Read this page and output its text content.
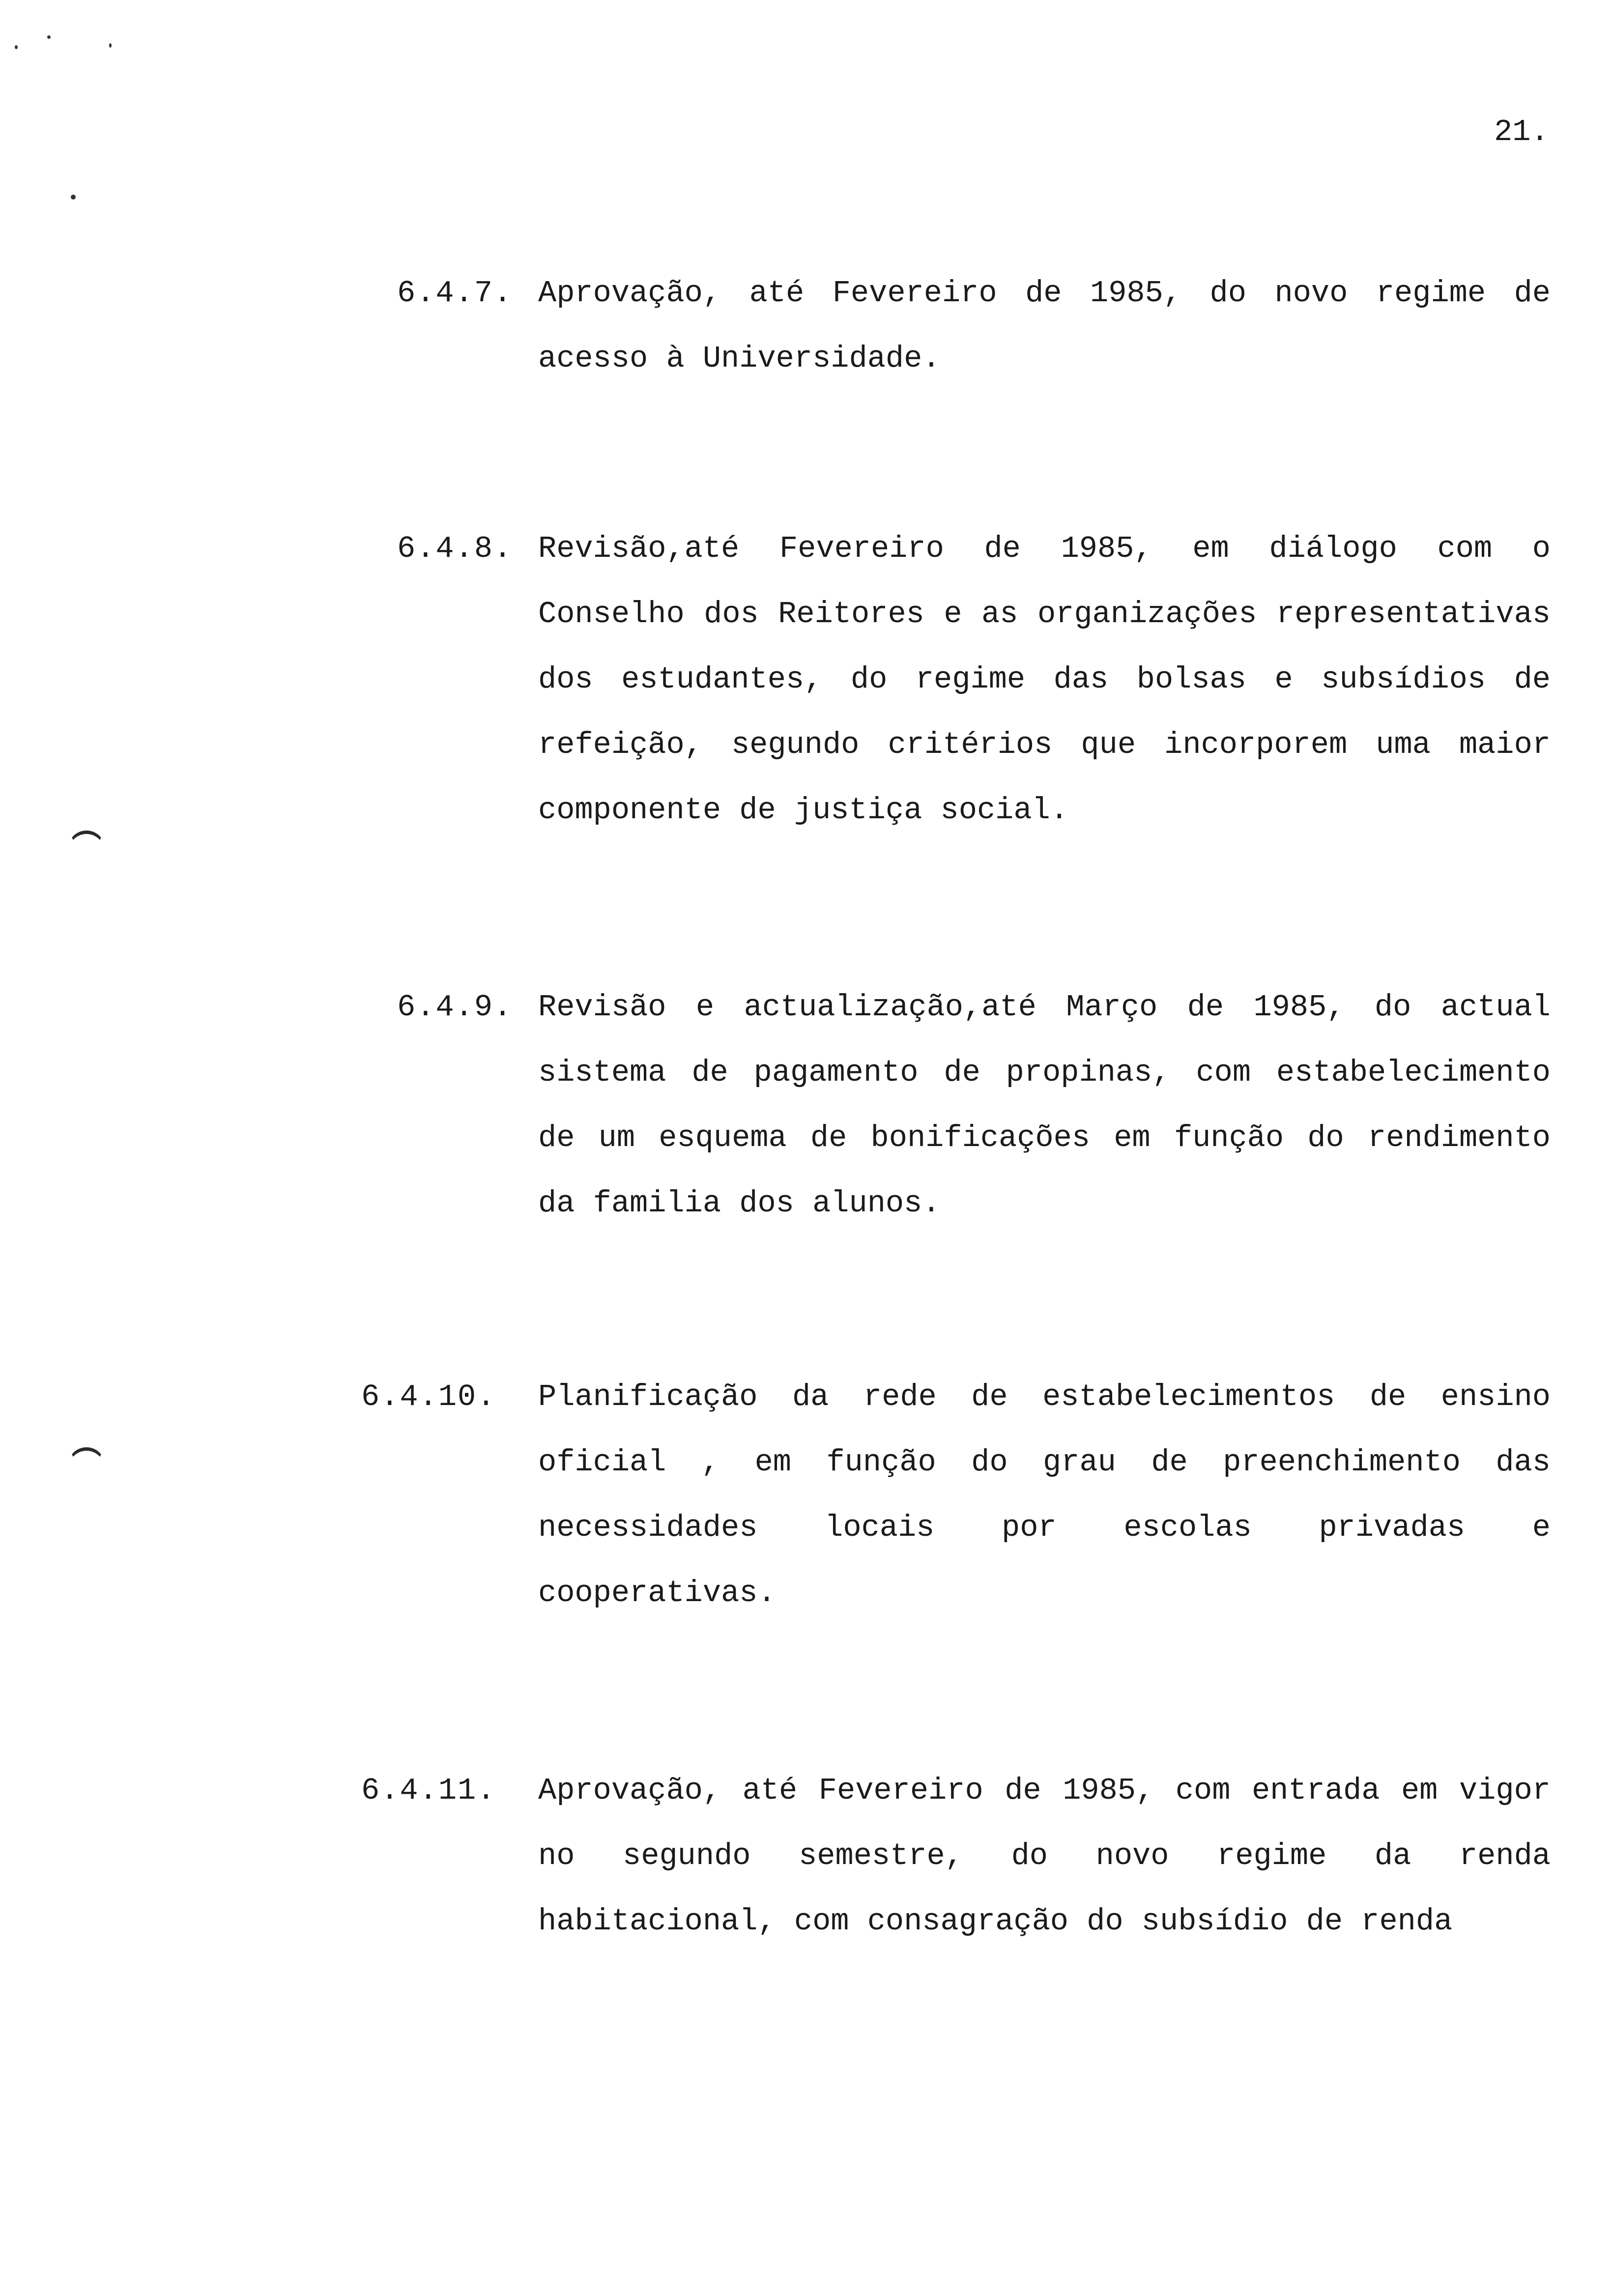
21.
6.4.7. Aprovação, até Fevereiro de 1985, do novo regime de acesso à Universidade.

6.4.8. Revisão,até Fevereiro de 1985, em diálogo com o Conselho dos Reitores e as organizações representativas dos estudantes, do regime das bolsas e subsídios de refeição, segundo critérios que incorporem uma maior componente de justiça social.

6.4.9. Revisão e actualização,até Março de 1985, do actual sistema de pagamento de propinas, com estabelecimento de um esquema de bonificações em função do rendimento da familia dos alunos.

6.4.10. Planificação da rede de estabelecimentos de ensino oficial , em função do grau de preenchimento das necessidades locais por escolas privadas e cooperativas.

6.4.11. Aprovação, até Fevereiro de 1985, com entrada em vigor no segundo semestre, do novo regime da renda habitacional, com consagração do subsídio de renda
